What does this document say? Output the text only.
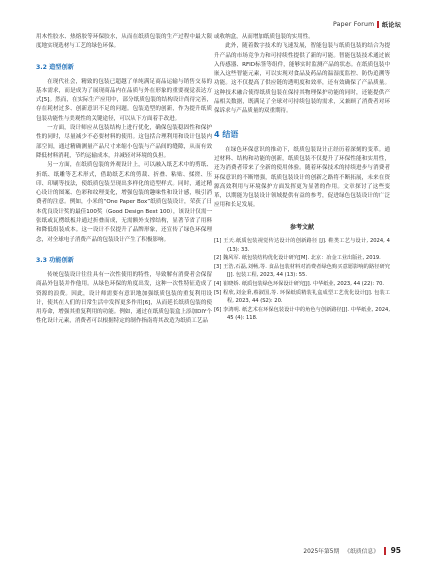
Paper Forum 纸论坛

用木性胶水、热熔胶等环保胶水，从而在纸质包装的生产过程中最大限度地实现选材与工艺的绿色环保。

3.2 造型创新

在现代社会，精致的包装已超越了单纯满足商品运输与销售交易的基本需求，而是成为了展现商品内在品质与外在形象的重要视觉表达方式[5]。然而，在实际生产应用中，部分纸质包装的结构设计尚待完善，存在耗材过多、创新意识不足的问题。包装造型的创新，作为提升纸质包装功能性与美观性的关键途径，可以从下方面着手改进。

一方面，设计师应从包装结构上进行优化，确保包装稳固性和保护性的同时，尽量减少不必要材料的使用。这包括合理利用和设计包装内部空间，通过精确测量产品尺寸来缩小包装与产品间的缝隙，从而有效降低材料消耗，节约运输成本，并减轻对环境的负担。

另一方面，在纸质包装的外观设计上，可以融入纸艺术中的剪纸、折纸、纸雕等艺术形式，借助纸艺术的剪裁、折叠、粘贴、揉搓、压印、印刷等技法，使纸质包装呈现出多样化的造型样式。同时，通过精心设计的图案、色彩和纹理变化，增强包装的趣味性和设计感，吸引消费者的注意。例如，小米的“One Paper Box”纸质包装设计，荣获了日本优良设计奖的最佳100奖（Good Design Best 100），该设计仅需一张纸或瓦楞纸板并通过折叠而成，无需额外支撑结构，显著节省了用料和降低组装成本。这一设计不仅提升了品牌形象，还宣传了绿色环保理念，对全球电子消费产品的包装设计产生了积极影响。

3.3 功能创新

传统包装设计往往具有一次性使用的特性，导致解有消费者会保留商品外包装并作他用。从绿色环保的角度出发，这种一次性特征造成了资源的浪费。因此，设计师需要有意识地加强纸质包装的重复利用设计，使其在人们的日常生活中发挥更多作用[6]，从而延长纸质包装的使用寿命，增强其重复利用的功能。例如，通过在纸质包装盒上添加DIY个性化设计元素，消费者可以根据特定的制作指南将其改造为纸质工艺品

或收纳盒，从而增加纸质包装的实用性。

此外，随着数字技术的飞速发展，智能包装与纸质包装的结合为提升产品的市场竞争力和可持续性提供了新的可能。智能包装技术通过嵌入传感器、RFID标签等组件，能够实时监测产品的状态。在纸质包装中嵌入这些智能元素，可以实现对食品及药品的温湿度监控、防伪追溯等功能。这不仅提高了供应链的透明度和效率，还有效确保了产品质量。这种技术融合使得纸质包装在保持其物理保护功能的同时，还能提供产品相关数据，既满足了全球对可持续包装的需求，又兼顾了消费者对环保诉求与产品质量的双重期待。

4 结语

在绿色环保意识的推动下，纸质包装设计正经历着深刻的变革。通过材料、结构和功能的创新，纸质包装不仅提升了环保性能和实用性，还为消费者带来了全新的使用体验。随着环保技术的持续进步与消费者环保意识的不断增强，纸质包装设计的创新之路将不断拓展，未来在资源高效利用与环境保护方面发挥更为显著的作用。文章探讨了这些变革，以期能为包装设计领域提供有益的参考，促进绿色包装设计的广泛应用和长足发展。

参考文献
[1] 王天.纸质包装视觉传达设计的创新路径 [J]. 鞋类工艺与设计, 2024, 4 (13): 33.
[2] 魏风军. 纸包装结构优化设计研究[M]. 北京：冶金工业出版社, 2019.
[3] 王浩,石磊,刘畅,等. 食品包装材料对消费者绿色购买意愿影响的路径研究 [J]. 包装工程, 2023, 44 (13): 55.
[4] 崔晓娇. 纸质包装绿色环保设计研究[J]. 中华纸业, 2023, 44 (22): 70.
[5] 程欣,刘金秉,蔡淑国,等. 环保纸质精装礼盒成型工艺优化设计[J]. 包装工程, 2023, 44 (S2): 20.
[6] 李鸿明. 纸艺术在环保包装设计中的角色与创新路径[J]. 中华纸业, 2024, 45 (4): 118.
2025年第5期 《纸质信息》 95
